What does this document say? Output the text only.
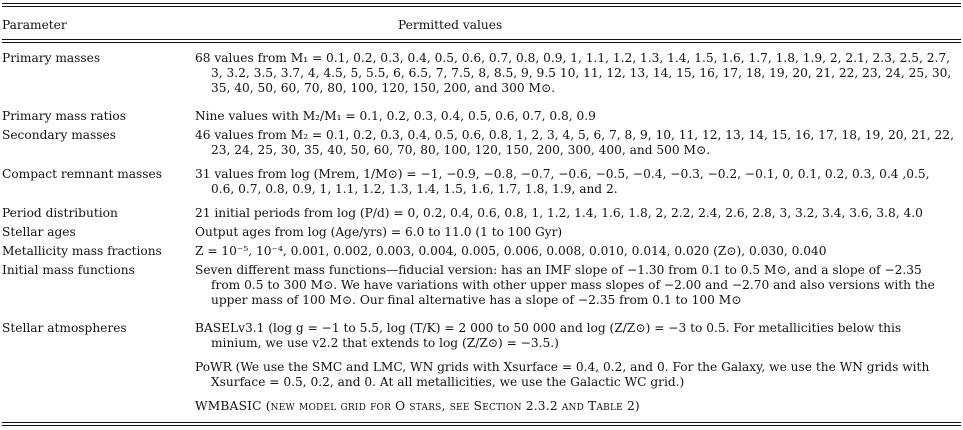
Parameter	Permitted values
Primary masses	68 values from M₁ = 0.1, 0.2, 0.3, 0.4, 0.5, 0.6, 0.7, 0.8, 0.9, 1, 1.1, 1.2, 1.3, 1.4, 1.5, 1.6, 1.7, 1.8, 1.9, 2, 2.1, 2.3, 2.5, 2.7,
3, 3.2, 3.5, 3.7, 4, 4.5, 5, 5.5, 6, 6.5, 7, 7.5, 8, 8.5, 9, 9.5 10, 11, 12, 13, 14, 15, 16, 17, 18, 19, 20, 21, 22, 23, 24, 25, 30,
35, 40, 50, 60, 70, 80, 100, 120, 150, 200, and 300 M⊙.
Primary mass ratios	Nine values with M₂/M₁ = 0.1, 0.2, 0.3, 0.4, 0.5, 0.6, 0.7, 0.8, 0.9
Secondary masses	46 values from M₂ = 0.1, 0.2, 0.3, 0.4, 0.5, 0.6, 0.8, 1, 2, 3, 4, 5, 6, 7, 8, 9, 10, 11, 12, 13, 14, 15, 16, 17, 18, 19, 20, 21, 22,
23, 24, 25, 30, 35, 40, 50, 60, 70, 80, 100, 120, 150, 200, 300, 400, and 500 M⊙.
Compact remnant masses	31 values from log (Mrem, 1/M⊙) = −1, −0.9, −0.8, −0.7, −0.6, −0.5, −0.4, −0.3, −0.2, −0.1, 0, 0.1, 0.2, 0.3, 0.4 ,0.5,
0.6, 0.7, 0.8, 0.9, 1, 1.1, 1.2, 1.3, 1.4, 1.5, 1.6, 1.7, 1.8, 1.9, and 2.
Period distribution	21 initial periods from log (P/d) = 0, 0.2, 0.4, 0.6, 0.8, 1, 1.2, 1.4, 1.6, 1.8, 2, 2.2, 2.4, 2.6, 2.8, 3, 3.2, 3.4, 3.6, 3.8, 4.0
Stellar ages	Output ages from log (Age/yrs) = 6.0 to 11.0 (1 to 100 Gyr)
Metallicity mass fractions	Z = 10⁻⁵, 10⁻⁴, 0.001, 0.002, 0.003, 0.004, 0.005, 0.006, 0.008, 0.010, 0.014, 0.020 (Z⊙), 0.030, 0.040
Initial mass functions	Seven different mass functions—fiducial version: has an IMF slope of −1.30 from 0.1 to 0.5 M⊙, and a slope of −2.35
from 0.5 to 300 M⊙. We have variations with other upper mass slopes of −2.00 and −2.70 and also versions with the
upper mass of 100 M⊙. Our final alternative has a slope of −2.35 from 0.1 to 100 M⊙
Stellar atmospheres	BASELv3.1 (log g = −1 to 5.5, log (T/K) = 2 000 to 50 000 and log (Z/Z⊙) = −3 to 0.5. For metallicities below this
minium, we use v2.2 that extends to log (Z/Z⊙) = −3.5.)
PoWR (We use the SMC and LMC, WN grids with Xsurface = 0.4, 0.2, and 0. For the Galaxy, we use the WN grids with
Xsurface = 0.5, 0.2, and 0. At all metallicities, we use the Galactic WC grid.)
WMBASIC (new model grid for O stars, see Section 2.3.2 and Table 2)
